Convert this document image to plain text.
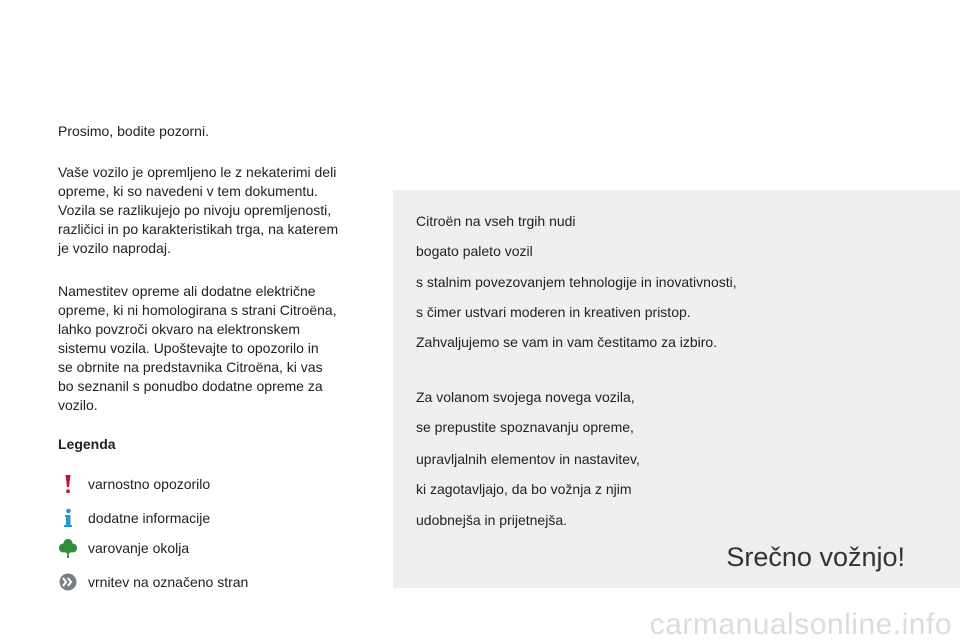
Prosimo, bodite pozorni.
Vaše vozilo je opremljeno le z nekaterimi deli
opreme, ki so navedeni v tem dokumentu.
Vozila se razlikujejo po nivoju opremljenosti,
različici in po karakteristikah trga, na katerem
je vozilo naprodaj.
Namestitev opreme ali dodatne električne
opreme, ki ni homologirana s strani Citroëna,
lahko povzroči okvaro na elektronskem
sistemu vozila. Upoštevajte to opozorilo in
se obrnite na predstavnika Citroëna, ki vas
bo seznanil s ponudbo dodatne opreme za
vozilo.
Legenda
varnostno opozorilo
dodatne informacije
varovanje okolja
vrnitev na označeno stran
Citroën na vseh trgih nudi
bogato paleto vozil
s stalnim povezovanjem tehnologije in inovativnosti,
s čimer ustvari moderen in kreativen pristop.
Zahvaljujemo se vam in vam čestitamo za izbiro.
Za volanom svojega novega vozila,
se prepustite spoznavanju opreme,
upravljalnih elementov in nastavitev,
ki zagotavljajo, da bo vožnja z njim
udobnejša in prijetnejša.
Srečno vožnjo!
carmanualsonline.info
